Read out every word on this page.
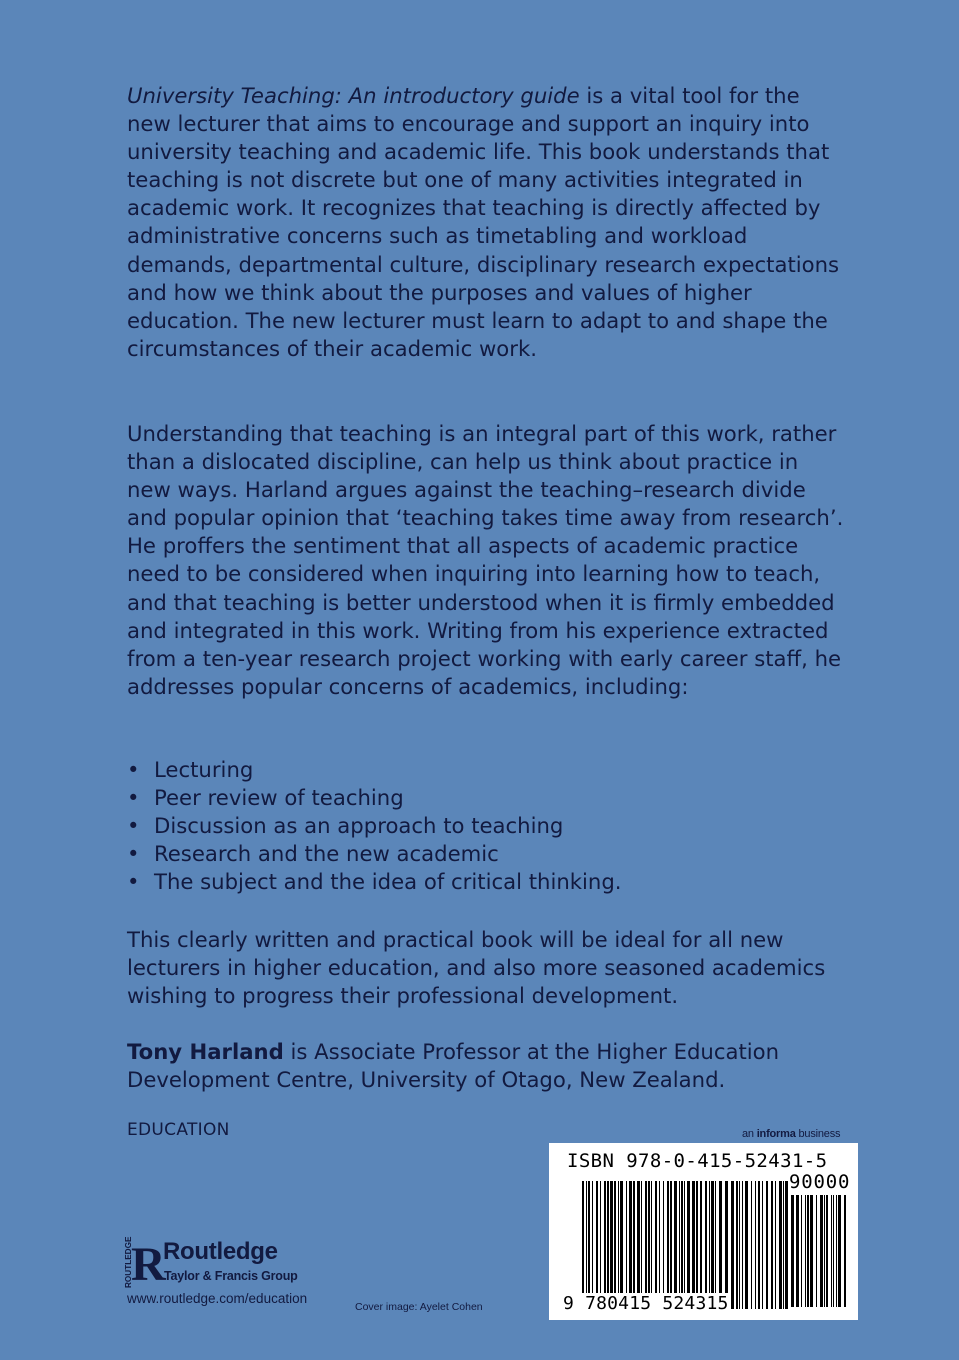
University Teaching: An introductory guide is a vital tool for the new lecturer that aims to encourage and support an inquiry into university teaching and academic life. This book understands that teaching is not discrete but one of many activities integrated in academic work. It recognizes that teaching is directly affected by administrative concerns such as timetabling and workload demands, departmental culture, disciplinary research expectations and how we think about the purposes and values of higher education. The new lecturer must learn to adapt to and shape the circumstances of their academic work.

Understanding that teaching is an integral part of this work, rather than a dislocated discipline, can help us think about practice in new ways. Harland argues against the teaching–research divide and popular opinion that ‘teaching takes time away from research’. He proffers the sentiment that all aspects of academic practice need to be considered when inquiring into learning how to teach, and that teaching is better understood when it is firmly embedded and integrated in this work. Writing from his experience extracted from a ten-year research project working with early career staff, he addresses popular concerns of academics, including:

• Lecturing
• Peer review of teaching
• Discussion as an approach to teaching
• Research and the new academic
• The subject and the idea of critical thinking.

This clearly written and practical book will be ideal for all new lecturers in higher education, and also more seasoned academics wishing to progress their professional development.

Tony Harland is Associate Professor at the Higher Education Development Centre, University of Otago, New Zealand.

EDUCATION

ROUTLEDGE
R
Routledge
Taylor & Francis Group

www.routledge.com/education

Cover image: Ayelet Cohen

an informa business

ISBN 978-0-415-52431-5

90000

9 780415 524315
